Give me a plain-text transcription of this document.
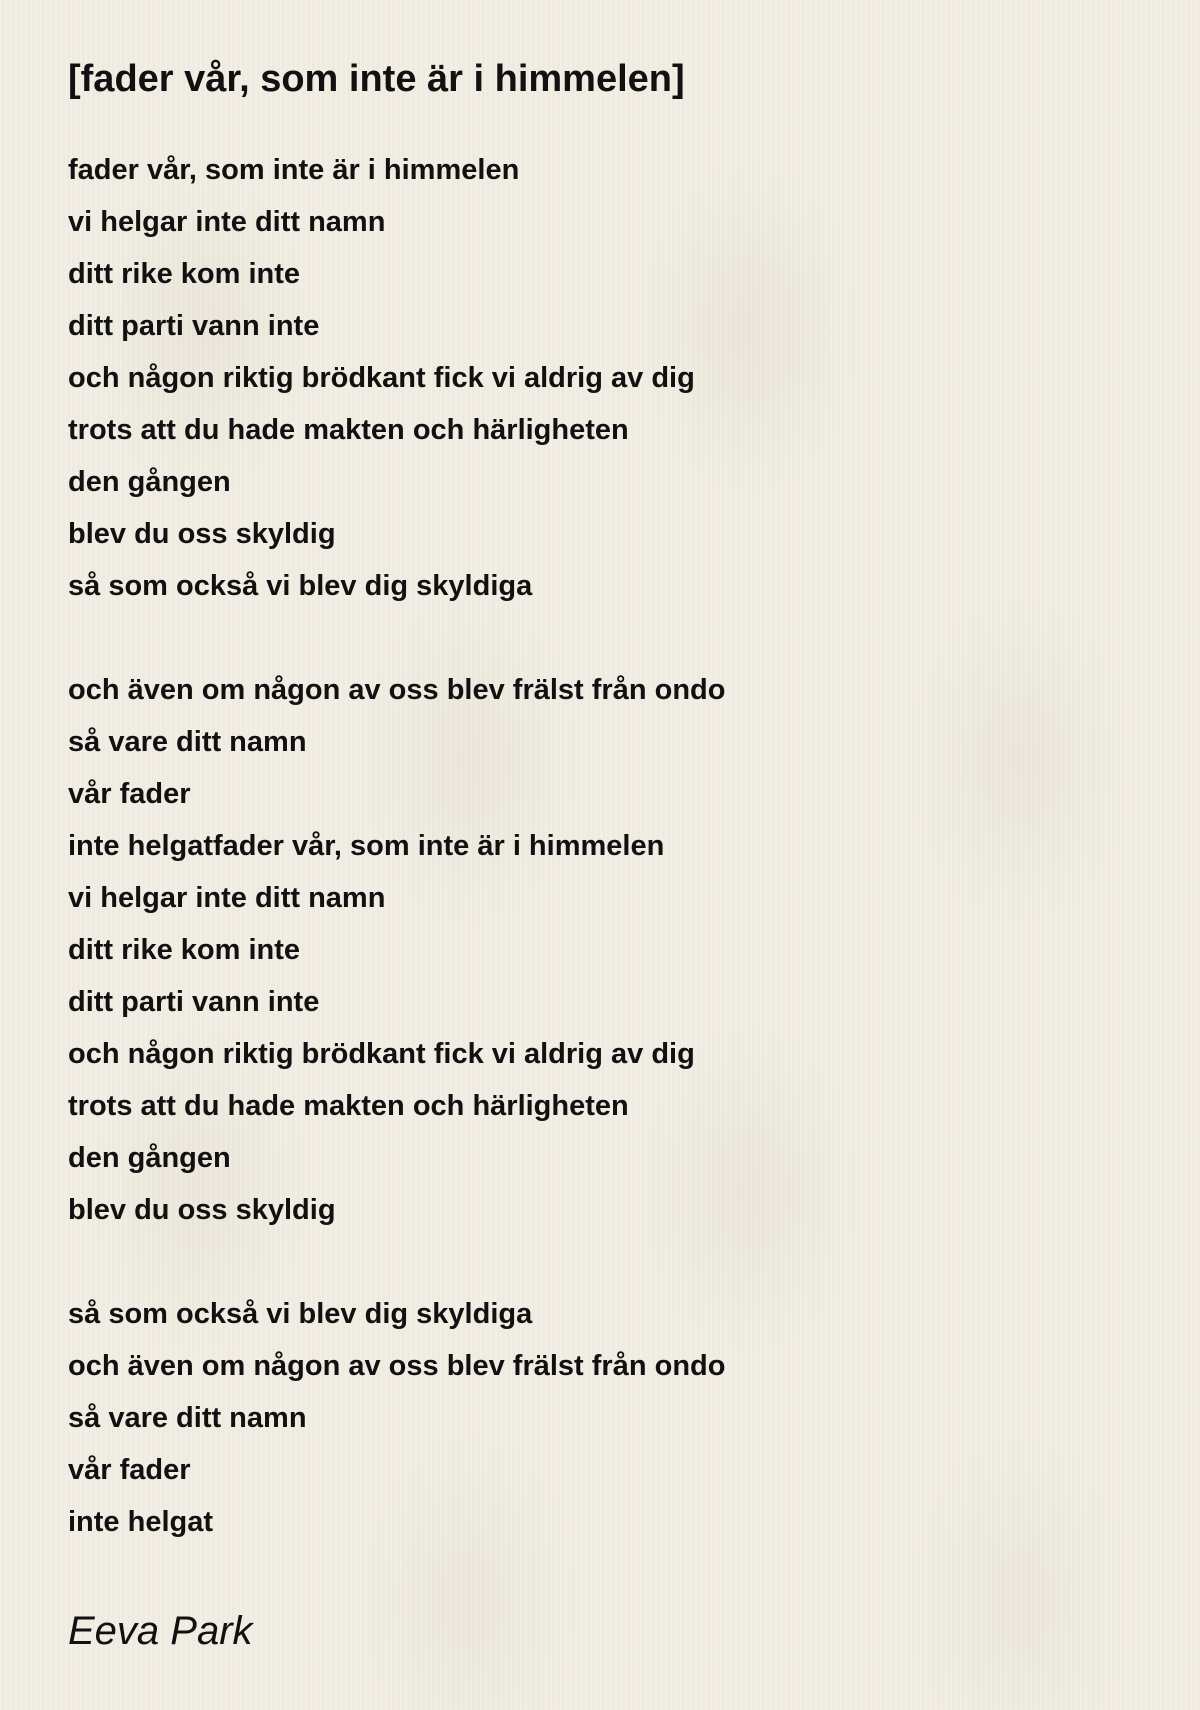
[fader vår, som inte är i himmelen]
fader vår, som inte är i himmelen
vi helgar inte ditt namn
ditt rike kom inte
ditt parti vann inte
och någon riktig brödkant fick vi aldrig av dig
trots att du hade makten och härligheten
den gången
blev du oss skyldig
så som också vi blev dig skyldiga
och även om någon av oss blev frälst från ondo
så vare ditt namn
vår fader
inte helgatfader vår, som inte är i himmelen
vi helgar inte ditt namn
ditt rike kom inte
ditt parti vann inte
och någon riktig brödkant fick vi aldrig av dig
trots att du hade makten och härligheten
den gången
blev du oss skyldig
så som också vi blev dig skyldiga
och även om någon av oss blev frälst från ondo
så vare ditt namn
vår fader
inte helgat
Eeva Park
